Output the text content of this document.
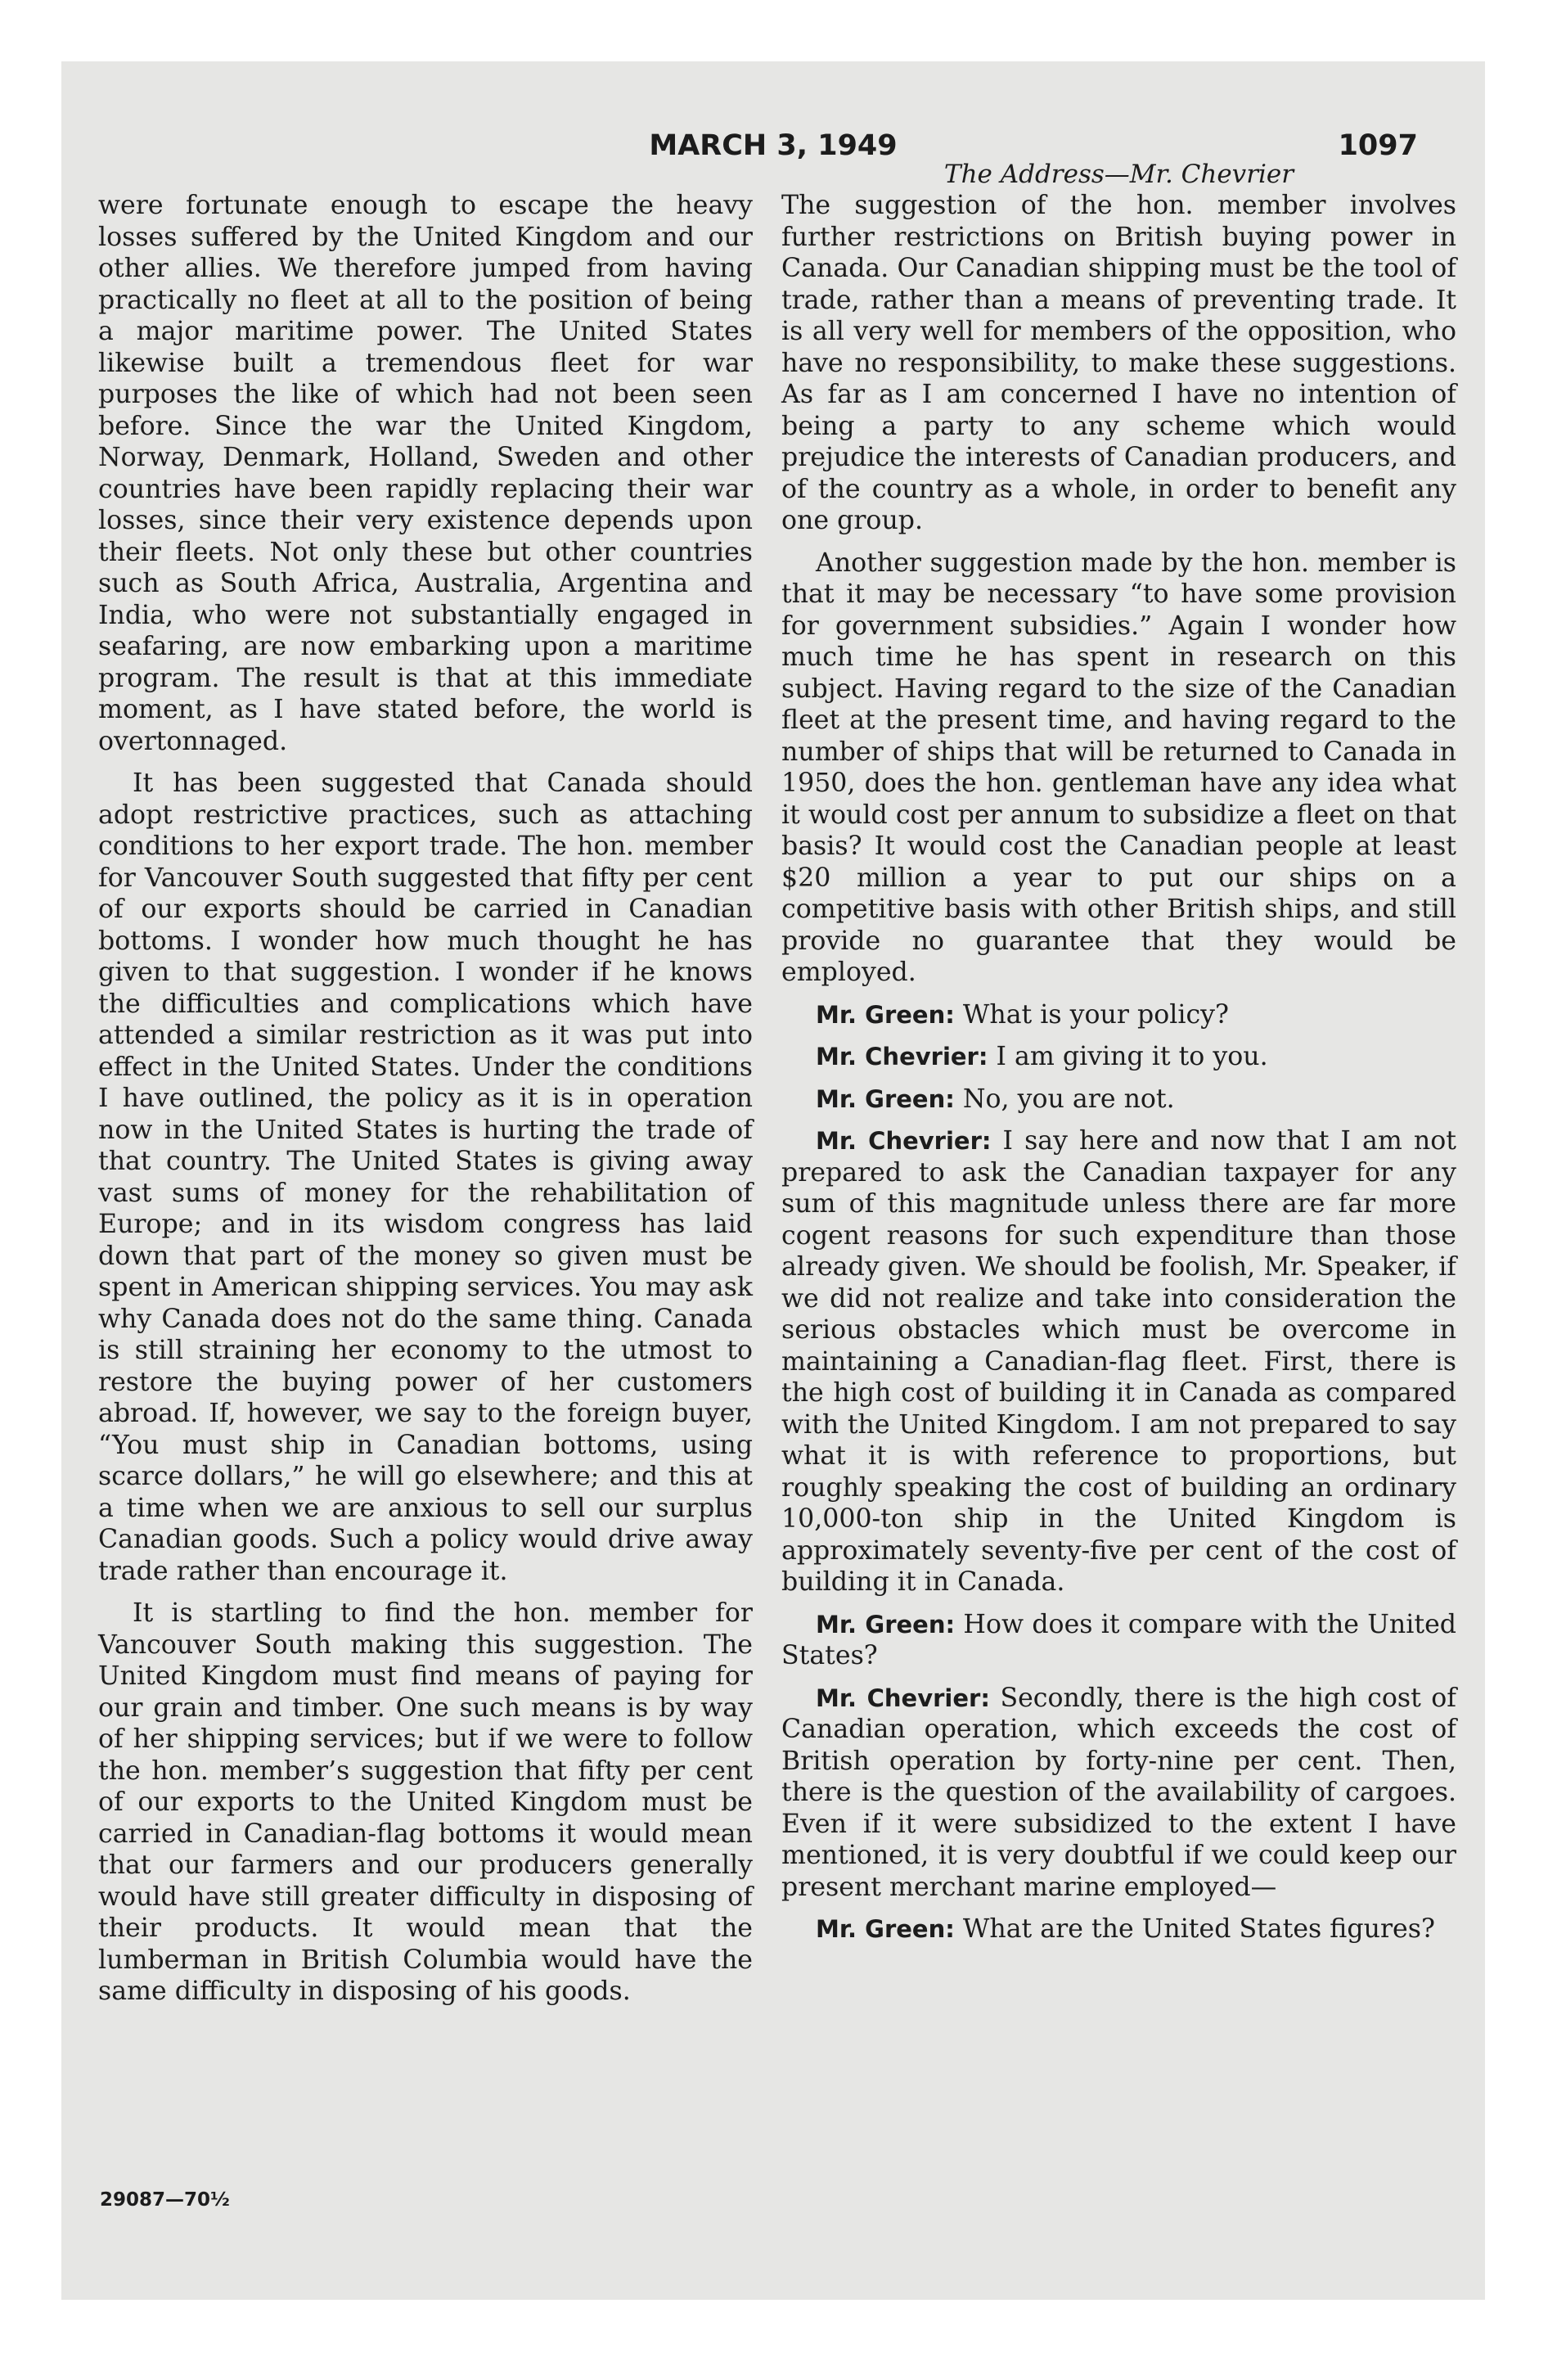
MARCH 3, 1949	1097
The Address—Mr. Chevrier

were fortunate enough to escape the heavy losses suffered by the United Kingdom and our other allies. We therefore jumped from having practically no fleet at all to the position of being a major maritime power. The United States likewise built a tremendous fleet for war purposes the like of which had not been seen before. Since the war the United Kingdom, Norway, Denmark, Holland, Sweden and other countries have been rapidly replacing their war losses, since their very existence depends upon their fleets. Not only these but other countries such as South Africa, Australia, Argentina and India, who were not substantially engaged in seafaring, are now embarking upon a maritime program. The result is that at this immediate moment, as I have stated before, the world is overtonnaged.

It has been suggested that Canada should adopt restrictive practices, such as attaching conditions to her export trade. The hon. member for Vancouver South suggested that fifty per cent of our exports should be carried in Canadian bottoms. I wonder how much thought he has given to that suggestion. I wonder if he knows the difficulties and complications which have attended a similar restriction as it was put into effect in the United States. Under the conditions I have outlined, the policy as it is in operation now in the United States is hurting the trade of that country. The United States is giving away vast sums of money for the rehabilitation of Europe; and in its wisdom congress has laid down that part of the money so given must be spent in American shipping services. You may ask why Canada does not do the same thing. Canada is still straining her economy to the utmost to restore the buying power of her customers abroad. If, however, we say to the foreign buyer, “You must ship in Canadian bottoms, using scarce dollars,” he will go elsewhere; and this at a time when we are anxious to sell our surplus Canadian goods. Such a policy would drive away trade rather than encourage it.

It is startling to find the hon. member for Vancouver South making this suggestion. The United Kingdom must find means of paying for our grain and timber. One such means is by way of her shipping services; but if we were to follow the hon. member’s suggestion that fifty per cent of our exports to the United Kingdom must be carried in Canadian-flag bottoms it would mean that our farmers and our producers generally would have still greater difficulty in disposing of their products. It would mean that the lumberman in British Columbia would have the same difficulty in disposing of his goods.

The suggestion of the hon. member involves further restrictions on British buying power in Canada. Our Canadian shipping must be the tool of trade, rather than a means of preventing trade. It is all very well for members of the opposition, who have no responsibility, to make these suggestions. As far as I am concerned I have no intention of being a party to any scheme which would prejudice the interests of Canadian producers, and of the country as a whole, in order to benefit any one group.

Another suggestion made by the hon. member is that it may be necessary “to have some provision for government subsidies.” Again I wonder how much time he has spent in research on this subject. Having regard to the size of the Canadian fleet at the present time, and having regard to the number of ships that will be returned to Canada in 1950, does the hon. gentleman have any idea what it would cost per annum to subsidize a fleet on that basis? It would cost the Canadian people at least $20 million a year to put our ships on a competitive basis with other British ships, and still provide no guarantee that they would be employed.

Mr. Green: What is your policy?

Mr. Chevrier: I am giving it to you.

Mr. Green: No, you are not.

Mr. Chevrier: I say here and now that I am not prepared to ask the Canadian taxpayer for any sum of this magnitude unless there are far more cogent reasons for such expenditure than those already given. We should be foolish, Mr. Speaker, if we did not realize and take into consideration the serious obstacles which must be overcome in maintaining a Canadian-flag fleet. First, there is the high cost of building it in Canada as compared with the United Kingdom. I am not prepared to say what it is with reference to proportions, but roughly speaking the cost of building an ordinary 10,000-ton ship in the United Kingdom is approximately seventy-five per cent of the cost of building it in Canada.

Mr. Green: How does it compare with the United States?

Mr. Chevrier: Secondly, there is the high cost of Canadian operation, which exceeds the cost of British operation by forty-nine per cent. Then, there is the question of the availability of cargoes. Even if it were subsidized to the extent I have mentioned, it is very doubtful if we could keep our present merchant marine employed—

Mr. Green: What are the United States figures?

29087—70½
